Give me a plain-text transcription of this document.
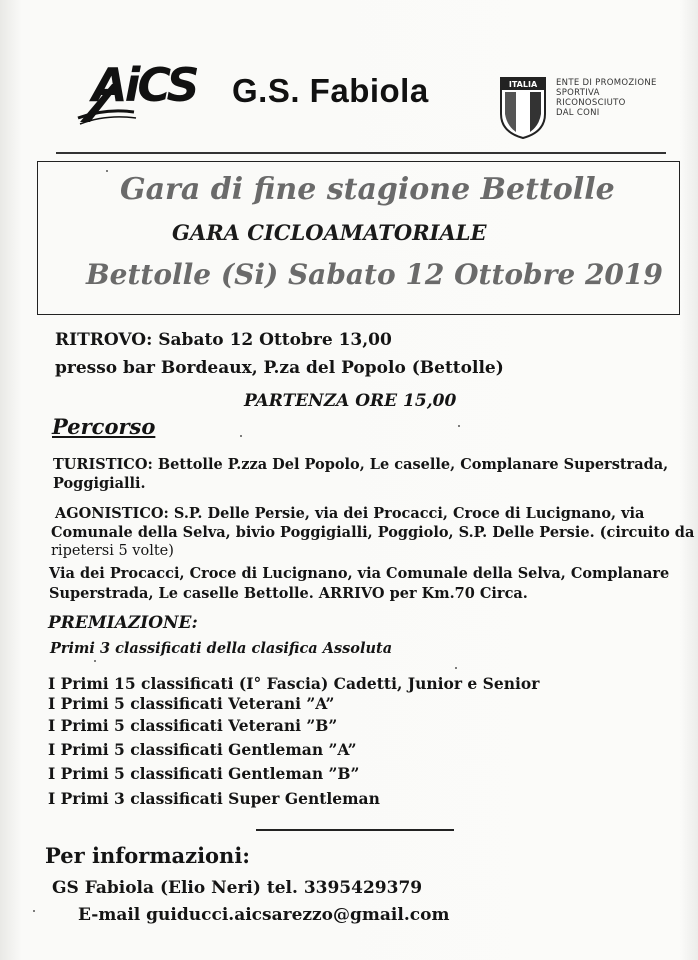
AiCS G.S. Fabiola	ITALIA ENTE DI PROMOZIONE
SPORTIVA
RICONOSCIUTO
DAL CONI
Gara di fine stagione Bettolle
GARA CICLOAMATORIALE
Bettolle (Si) Sabato 12 Ottobre 2019
RITROVO: Sabato 12 Ottobre 13,00
presso bar Bordeaux, P.za del Popolo (Bettolle)
PARTENZA ORE 15,00
Percorso
TURISTICO: Bettolle P.zza Del Popolo, Le caselle, Complanare Superstrada,
Poggigialli.
AGONISTICO: S.P. Delle Persie, via dei Procacci, Croce di Lucignano, via
Comunale della Selva, bivio Poggigialli, Poggiolo, S.P. Delle Persie. (circuito da
ripetersi 5 volte)
Via dei Procacci, Croce di Lucignano, via Comunale della Selva, Complanare
Superstrada, Le caselle Bettolle. ARRIVO per Km.70 Circa.
PREMIAZIONE:
Primi 3 classificati della clasifica Assoluta
I Primi 15 classificati (I° Fascia) Cadetti, Junior e Senior
I Primi 5 classificati Veterani ”A”
I Primi 5 classificati Veterani ”B”
I Primi 5 classificati Gentleman ”A”
I Primi 5 classificati Gentleman ”B”
I Primi 3 classificati Super Gentleman
Per informazioni:
GS Fabiola (Elio Neri) tel. 3395429379
E-mail guiducci.aicsarezzo@gmail.com
